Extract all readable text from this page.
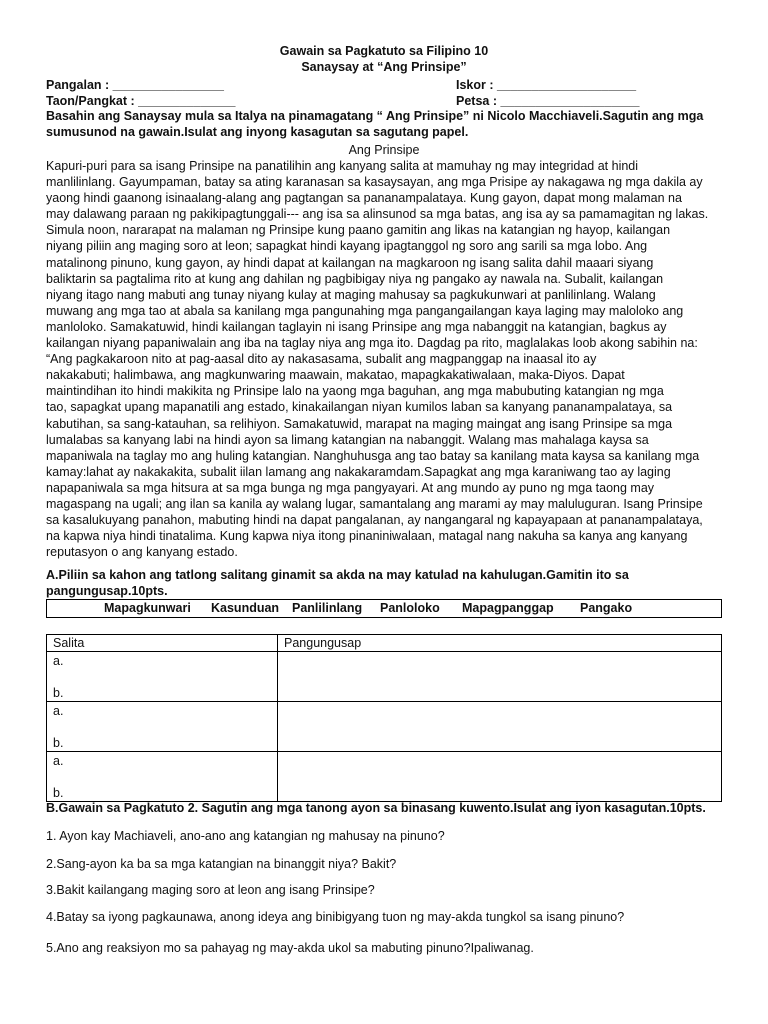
Gawain sa Pagkatuto sa Filipino 10
Sanaysay at “Ang Prinsipe”
Pangalan : ________________	Iskor : ____________________
Taon/Pangkat : ______________	Petsa : ____________________
Basahin ang Sanaysay mula sa Italya na pinamagatang “ Ang Prinsipe” ni Nicolo Macchiaveli.Sagutin ang mga sumusunod na gawain.Isulat ang inyong kasagutan sa sagutang papel.
Ang Prinsipe

Kapuri-puri para sa isang Prinsipe na panatilihin ang kanyang salita at mamuhay ng may integridad at hindi

manlilinlang. Gayumpaman, batay sa ating karanasan sa kasaysayan, ang mga Prisipe ay nakagawa ng mga dakila ay

yaong hindi gaanong isinaalang-alang ang pagtangan sa pananampalataya. Kung gayon, dapat mong malaman na

may dalawang paraan ng pakikipagtunggali--- ang isa sa alinsunod sa mga batas, ang isa ay sa pamamagitan ng lakas.

Simula noon, nararapat na malaman ng Prinsipe kung paano gamitin ang likas na katangian ng hayop, kailangan

niyang piliin ang maging soro at leon; sapagkat hindi kayang ipagtanggol ng soro ang sarili sa mga lobo. Ang

matalinong pinuno, kung gayon, ay hindi dapat at kailangan na magkaroon ng isang salita dahil maaari siyang

baliktarin sa pagtalima rito at kung ang dahilan ng pagbibigay niya ng pangako ay nawala na. Subalit, kailangan

niyang itago nang mabuti ang tunay niyang kulay at maging mahusay sa pagkukunwari at panlilinlang. Walang

muwang ang mga tao at abala sa kanilang mga pangunahing mga pangangailangan kaya laging may maloloko ang

manloloko. Samakatuwid, hindi kailangan taglayin ni isang Prinsipe ang mga nabanggit na katangian, bagkus ay

kailangan niyang papaniwalain ang iba na taglay niya ang mga ito. Dagdag pa rito, maglalakas loob akong sabihin na:

“Ang pagkakaroon nito at pag-aasal dito ay nakasasama, subalit ang magpanggap na inaasal ito ay

nakakabuti; halimbawa, ang magkunwaring maawain, makatao, mapagkakatiwalaan, maka-Diyos. Dapat

maintindihan ito hindi makikita ng Prinsipe lalo na yaong mga baguhan, ang mga mabubuting katangian ng mga

tao, sapagkat upang mapanatili ang estado, kinakailangan niyan kumilos laban sa kanyang pananampalataya, sa

kabutihan, sa sang-katauhan, sa relihiyon. Samakatuwid, marapat na maging maingat ang isang Prinsipe sa mga

lumalabas sa kanyang labi na hindi ayon sa limang katangian na nabanggit. Walang mas mahalaga kaysa sa

mapaniwala na taglay mo ang huling katangian. Nanghuhusga ang tao batay sa kanilang mata kaysa sa kanilang mga

kamay:lahat ay nakakakita, subalit iilan lamang ang nakakaramdam.Sapagkat ang mga karaniwang tao ay laging

napapaniwala sa mga hitsura at sa mga bunga ng mga pangyayari. At ang mundo ay puno ng mga taong may

magaspang na ugali; ang ilan sa kanila ay walang lugar, samantalang ang marami ay may maluluguran. Isang Prinsipe

sa kasalukuyang panahon, mabuting hindi na dapat pangalanan, ay nangangaral ng kapayapaan at pananampalataya,

na kapwa niya hindi tinatalima. Kung kapwa niya itong pinaniniwalaan, matagal nang nakuha sa kanya ang kanyang

reputasyon o ang kanyang estado.

A.Piliin sa kahon ang tatlong salitang ginamit sa akda na may katulad na kahulugan.Gamitin ito sa pangungusap.10pts.
Mapagkunwari Kasunduan Panlilinlang Panloloko Mapagpanggap Pangako
Salita	Pangungusap

a.
b.	

a.
b.	

a.
b.	

B.Gawain sa Pagkatuto 2. Sagutin ang mga tanong ayon sa binasang kuwento.Isulat ang iyon kasagutan.10pts.
1. Ayon kay Machiaveli, ano-ano ang katangian ng mahusay na pinuno?
2.Sang-ayon ka ba sa mga katangian na binanggit niya? Bakit?
3.Bakit kailangang maging soro at leon ang isang Prinsipe?
4.Batay sa iyong pagkaunawa, anong ideya ang binibigyang tuon ng may-akda tungkol sa isang pinuno?
5.Ano ang reaksiyon mo sa pahayag ng may-akda ukol sa mabuting pinuno?Ipaliwanag.
